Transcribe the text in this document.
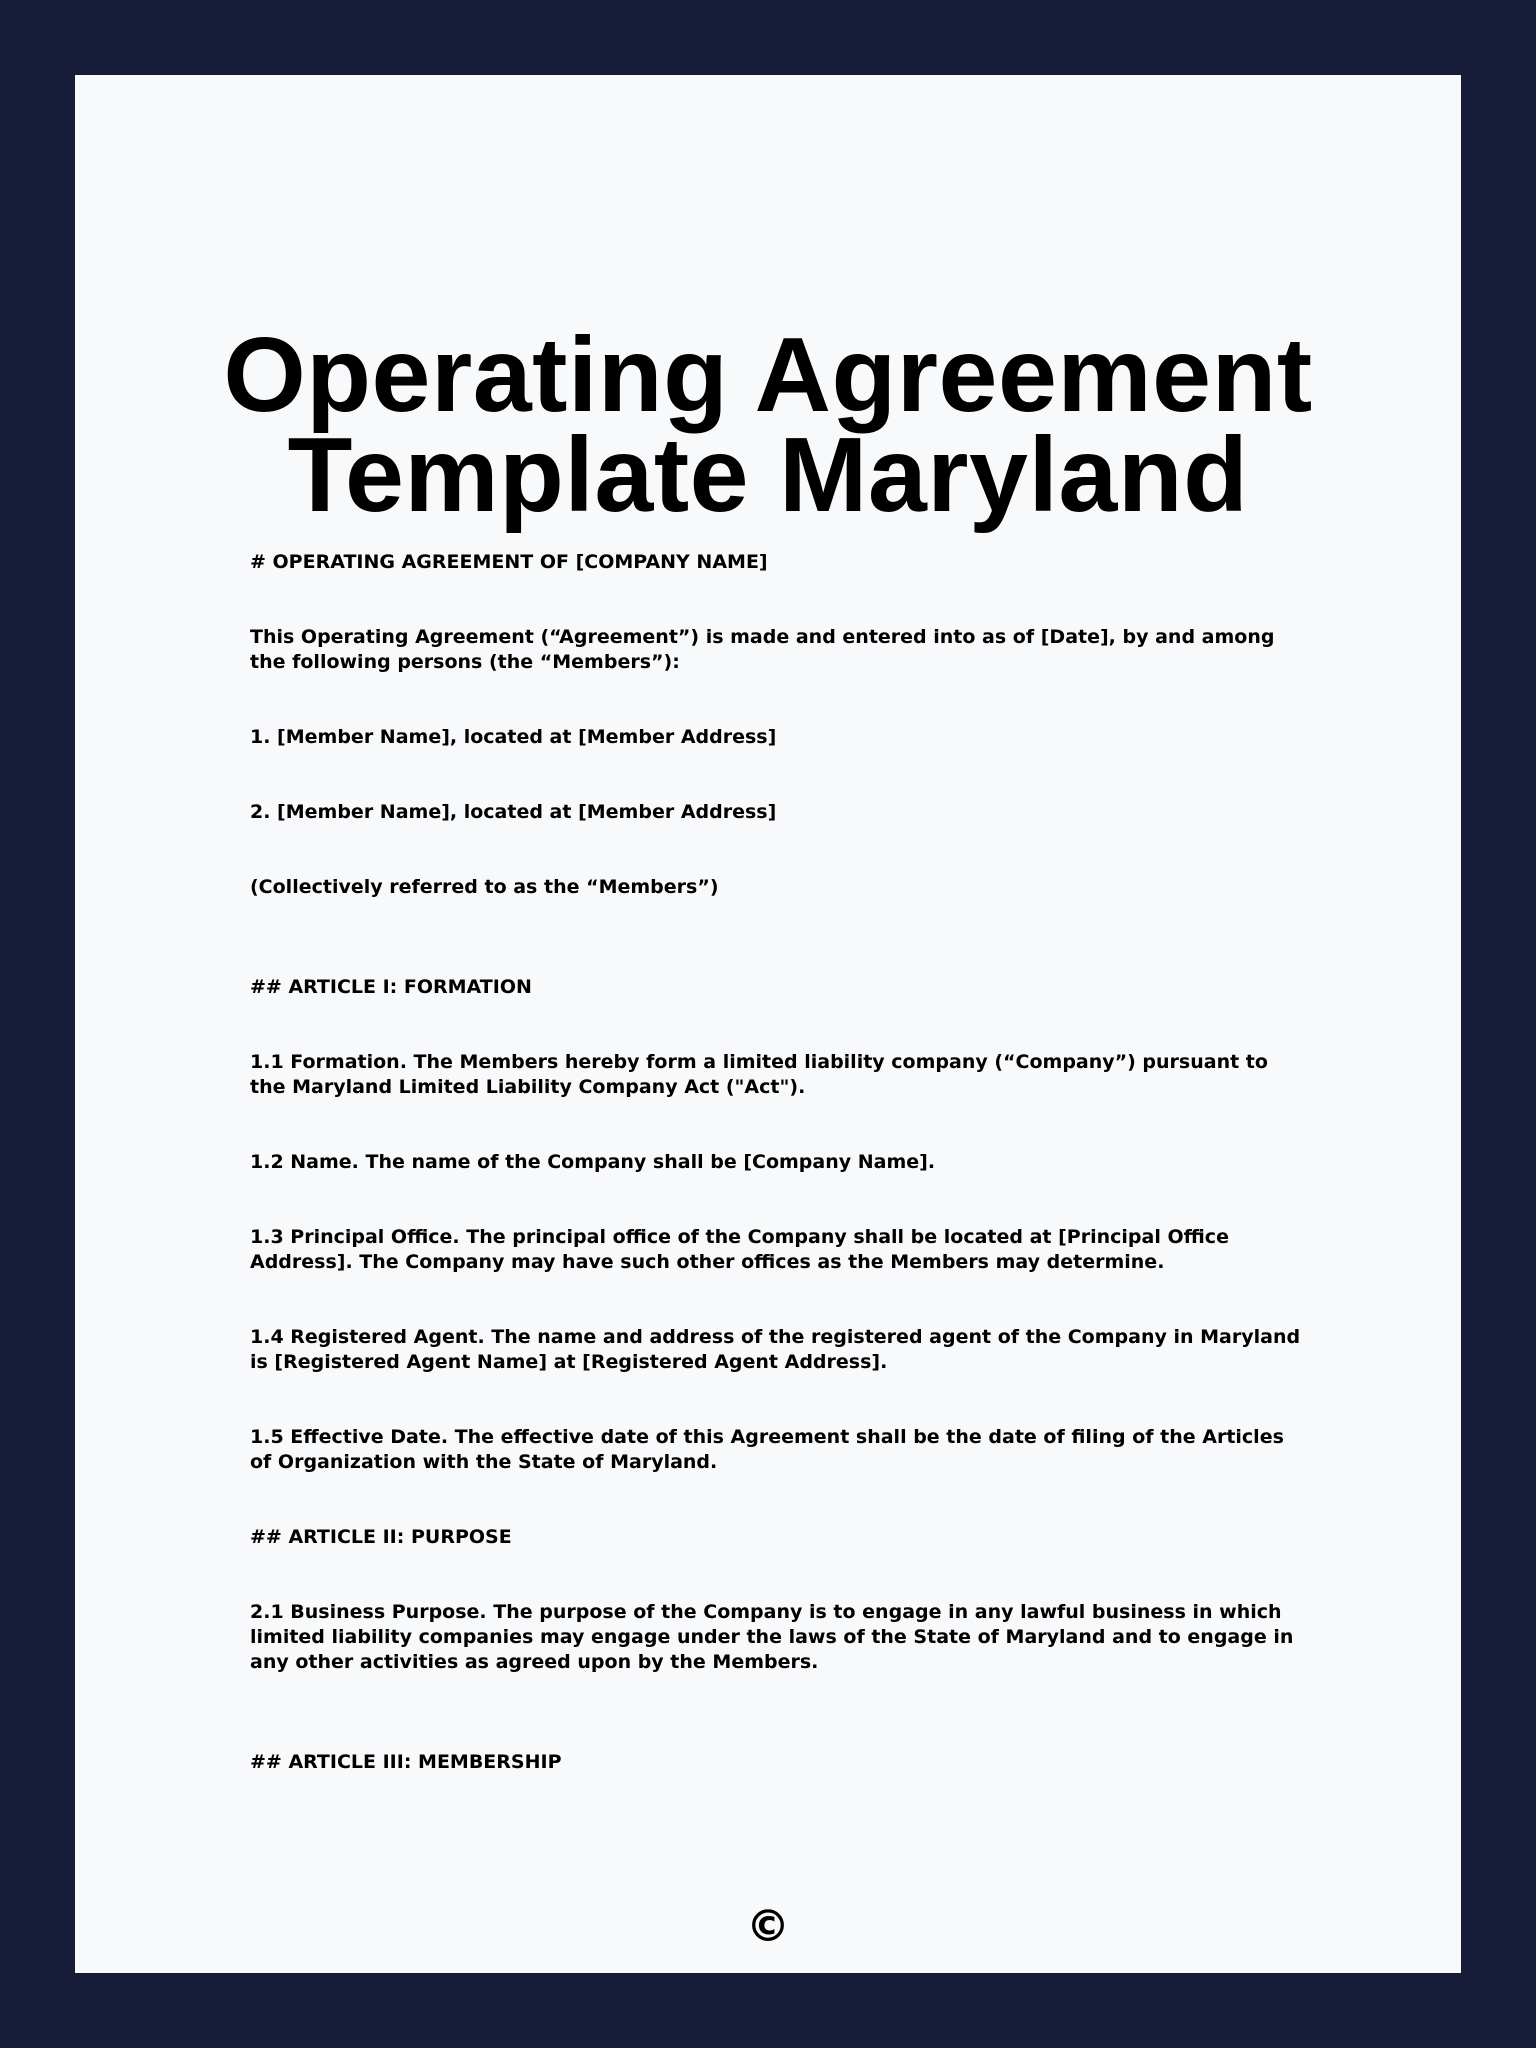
Operating Agreement
Template Maryland

# OPERATING AGREEMENT OF [COMPANY NAME]

This Operating Agreement (“Agreement”) is made and entered into as of [Date], by and among the following persons (the “Members”):

1. [Member Name], located at [Member Address]

2. [Member Name], located at [Member Address]

(Collectively referred to as the “Members”)

## ARTICLE I: FORMATION

1.1 Formation. The Members hereby form a limited liability company (“Company”) pursuant to the Maryland Limited Liability Company Act ("Act").

1.2 Name. The name of the Company shall be [Company Name].

1.3 Principal Office. The principal office of the Company shall be located at [Principal Office Address]. The Company may have such other offices as the Members may determine.

1.4 Registered Agent. The name and address of the registered agent of the Company in Maryland is [Registered Agent Name] at [Registered Agent Address].

1.5 Effective Date. The effective date of this Agreement shall be the date of filing of the Articles of Organization with the State of Maryland.

## ARTICLE II: PURPOSE

2.1 Business Purpose. The purpose of the Company is to engage in any lawful business in which limited liability companies may engage under the laws of the State of Maryland and to engage in any other activities as agreed upon by the Members.

## ARTICLE III: MEMBERSHIP

©
